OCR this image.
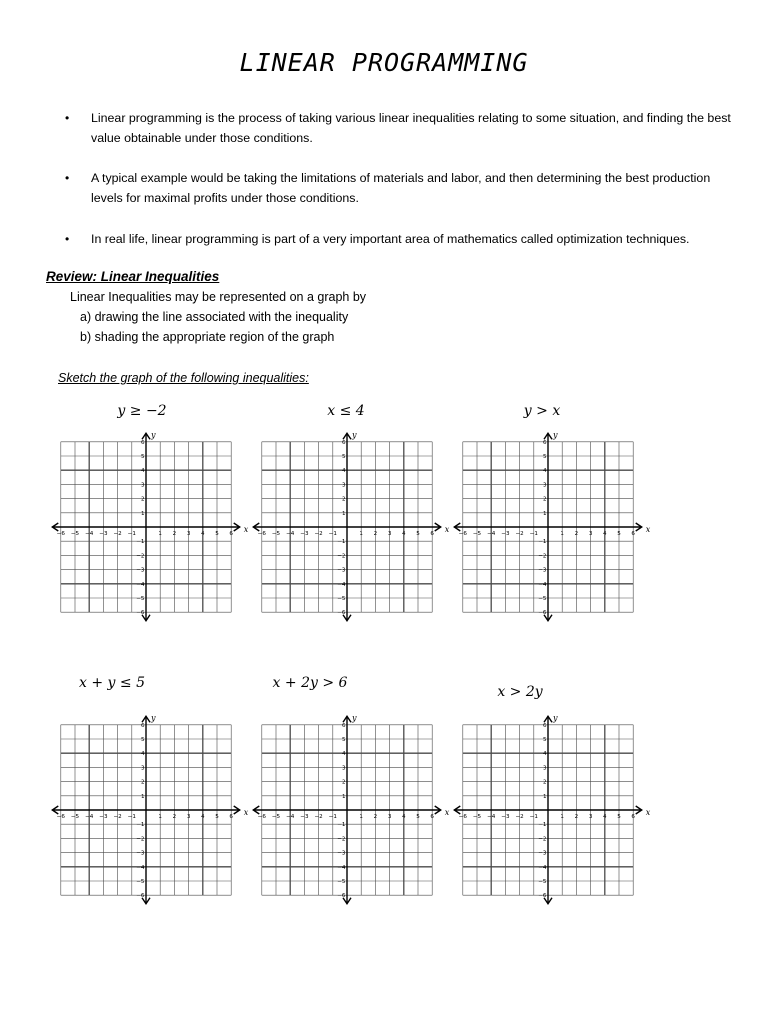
LINEAR PROGRAMMING
• Linear programming is the process of taking various linear inequalities relating to some situation, and finding the best value obtainable under those conditions.
• A typical example would be taking the limitations of materials and labor, and then determining the best production levels for maximal profits under those conditions.
• In real life, linear programming is part of a very important area of mathematics called optimization techniques.
Review: Linear Inequalities
Linear Inequalities may be represented on a graph by
a) drawing the line associated with the inequality
b) shading the appropriate region of the graph
Sketch the graph of the following inequalities:
y ≥ −2	x ≤ 4	y > x
x + y ≤ 5	x + 2y > 6
x > 2y
x
y
−6 −5 −4 −3 −2 −1	1 2 3 4 5 6
6
5
4
3
2
1
−1
−2
−3
−4
−5
−6
x
y
−6 −5 −4 −3 −2 −1	1 2 3 4 5 6
6
5
4
3
2
1
−1
−2
−3
−4
−5
−6
x
y
−6 −5 −4 −3 −2 −1	1 2 3 4 5 6
6
5
4
3
2
1
−1
−2
−3
−4
−5
−6
x
y
−6 −5 −4 −3 −2 −1	1 2 3 4 5 6
6
5
4
3
2
1
−1
−2
−3
−4
−5
−6
x
y
−6 −5 −4 −3 −2 −1	1 2 3 4 5 6
6
5
4
3
2
1
−1
−2
−3
−4
−5
−6
x
y
−6 −5 −4 −3 −2 −1	1 2 3 4 5 6
6
5
4
3
2
1
−1
−2
−3
−4
−5
−6
